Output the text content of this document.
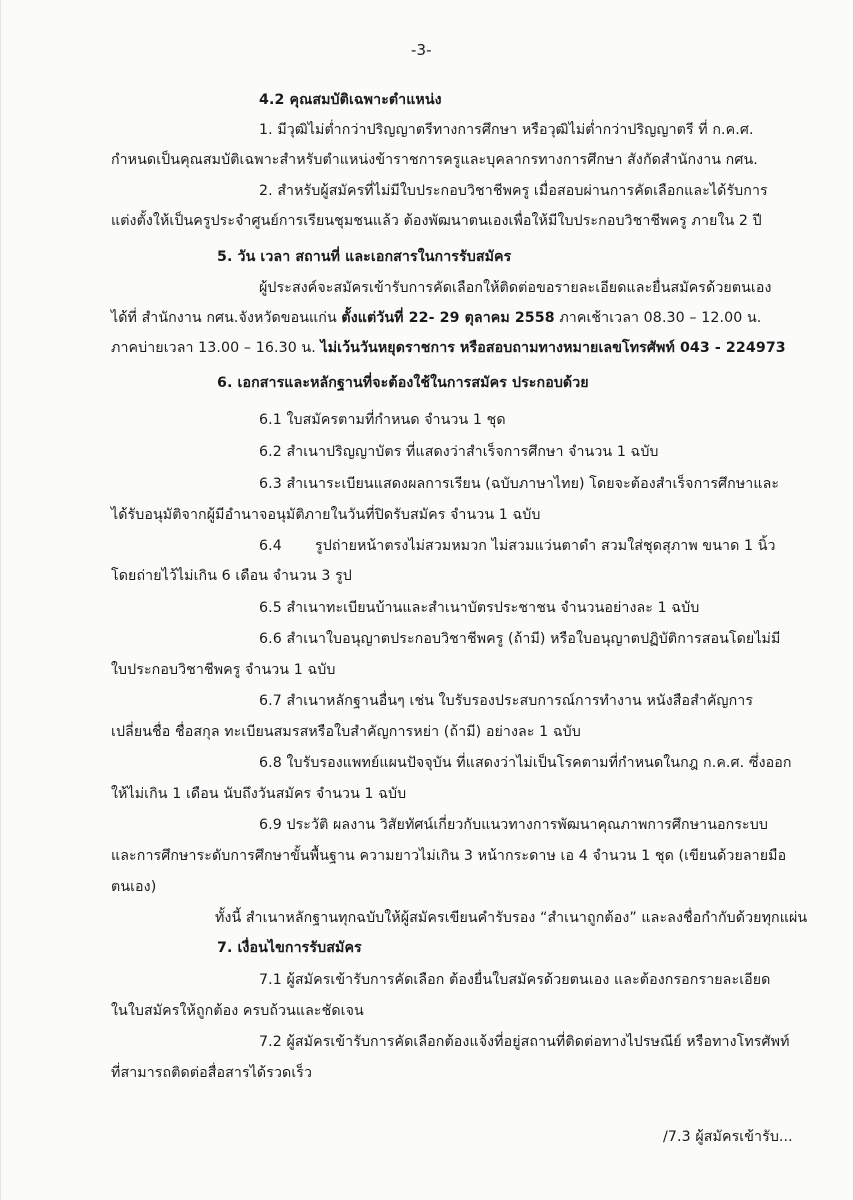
-3-
4.2 คุณสมบัติเฉพาะตำแหน่ง
1. มีวุฒิไม่ต่ำกว่าปริญญาตรีทางการศึกษา หรือวุฒิไม่ต่ำกว่าปริญญาตรี ที่ ก.ค.ศ.
กำหนดเป็นคุณสมบัติเฉพาะสำหรับตำแหน่งข้าราชการครูและบุคลากรทางการศึกษา สังกัดสำนักงาน กศน.
2. สำหรับผู้สมัครที่ไม่มีใบประกอบวิชาชีพครู เมื่อสอบผ่านการคัดเลือกและได้รับการ
แต่งตั้งให้เป็นครูประจำศูนย์การเรียนชุมชนแล้ว ต้องพัฒนาตนเองเพื่อให้มีใบประกอบวิชาชีพครู ภายใน 2 ปี
5. วัน เวลา สถานที่ และเอกสารในการรับสมัคร
ผู้ประสงค์จะสมัครเข้ารับการคัดเลือกให้ติดต่อขอรายละเอียดและยื่นสมัครด้วยตนเอง
ได้ที่ สำนักงาน กศน.จังหวัดขอนแก่น ตั้งแต่วันที่ 22- 29 ตุลาคม 2558 ภาคเช้าเวลา 08.30 – 12.00 น.
ภาคบ่ายเวลา 13.00 – 16.30 น. ไม่เว้นวันหยุดราชการ หรือสอบถามทางหมายเลขโทรศัพท์ 043 - 224973
6. เอกสารและหลักฐานที่จะต้องใช้ในการสมัคร ประกอบด้วย
6.1 ใบสมัครตามที่กำหนด จำนวน 1 ชุด
6.2 สำเนาปริญญาบัตร ที่แสดงว่าสำเร็จการศึกษา จำนวน 1 ฉบับ
6.3 สำเนาระเบียนแสดงผลการเรียน (ฉบับภาษาไทย) โดยจะต้องสำเร็จการศึกษาและ
ได้รับอนุมัติจากผู้มีอำนาจอนุมัติภายในวันที่ปิดรับสมัคร จำนวน 1 ฉบับ
6.4 รูปถ่ายหน้าตรงไม่สวมหมวก ไม่สวมแว่นตาดำ สวมใส่ชุดสุภาพ ขนาด 1 นิ้ว
โดยถ่ายไว้ไม่เกิน 6 เดือน จำนวน 3 รูป
6.5 สำเนาทะเบียนบ้านและสำเนาบัตรประชาชน จำนวนอย่างละ 1 ฉบับ
6.6 สำเนาใบอนุญาตประกอบวิชาชีพครู (ถ้ามี) หรือใบอนุญาตปฏิบัติการสอนโดยไม่มี
ใบประกอบวิชาชีพครู จำนวน 1 ฉบับ
6.7 สำเนาหลักฐานอื่นๆ เช่น ใบรับรองประสบการณ์การทำงาน หนังสือสำคัญการ
เปลี่ยนชื่อ ชื่อสกุล ทะเบียนสมรสหรือใบสำคัญการหย่า (ถ้ามี) อย่างละ 1 ฉบับ
6.8 ใบรับรองแพทย์แผนปัจจุบัน ที่แสดงว่าไม่เป็นโรคตามที่กำหนดในกฎ ก.ค.ศ. ซึ่งออก
ให้ไม่เกิน 1 เดือน นับถึงวันสมัคร จำนวน 1 ฉบับ
6.9 ประวัติ ผลงาน วิสัยทัศน์เกี่ยวกับแนวทางการพัฒนาคุณภาพการศึกษานอกระบบ
และการศึกษาระดับการศึกษาขั้นพื้นฐาน ความยาวไม่เกิน 3 หน้ากระดาษ เอ 4 จำนวน 1 ชุด (เขียนด้วยลายมือ
ตนเอง)
ทั้งนี้ สำเนาหลักฐานทุกฉบับให้ผู้สมัครเขียนคำรับรอง “สำเนาถูกต้อง” และลงชื่อกำกับด้วยทุกแผ่น
7. เงื่อนไขการรับสมัคร
7.1 ผู้สมัครเข้ารับการคัดเลือก ต้องยื่นใบสมัครด้วยตนเอง และต้องกรอกรายละเอียด
ในใบสมัครให้ถูกต้อง ครบถ้วนและชัดเจน
7.2 ผู้สมัครเข้ารับการคัดเลือกต้องแจ้งที่อยู่สถานที่ติดต่อทางไปรษณีย์ หรือทางโทรศัพท์
ที่สามารถติดต่อสื่อสารได้รวดเร็ว
/7.3 ผู้สมัครเข้ารับ...
